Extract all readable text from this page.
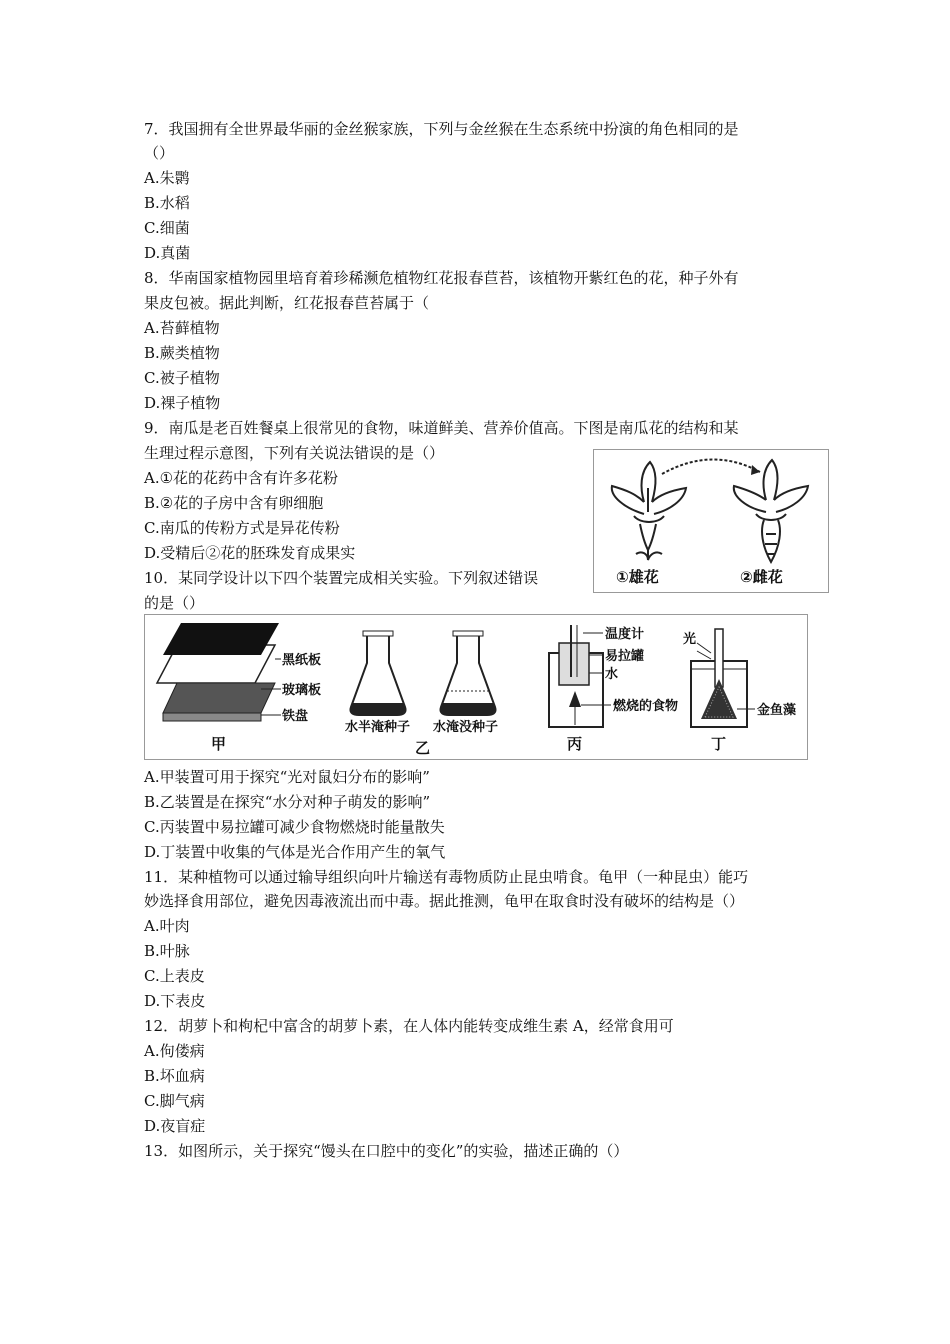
7．我国拥有全世界最华丽的金丝猴家族，下列与金丝猴在生态系统中扮演的角色相同的是
（）
A.朱鹮
B.水稻
C.细菌
D.真菌
8．华南国家植物园里培育着珍稀濒危植物红花报春苣苔，该植物开紫红色的花，种子外有
果皮包被。据此判断，红花报春苣苔属于（
A.苔藓植物
B.蕨类植物
C.被子植物
D.裸子植物
9．南瓜是老百姓餐桌上很常见的食物，味道鲜美、营养价值高。下图是南瓜花的结构和某
生理过程示意图，下列有关说法错误的是（）
A.①花的花药中含有许多花粉
B.②花的子房中含有卵细胞
C.南瓜的传粉方式是异花传粉
D.受精后②花的胚珠发育成果实
①雄花	②雌花
10．某同学设计以下四个装置完成相关实验。下列叙述错误
的是（）
黑纸板
玻璃板
铁盘
甲
水半淹种子 水淹没种子
乙
温度计
易拉罐
水
燃烧的食物
丙
光
金鱼藻
丁
A.甲装置可用于探究“光对鼠妇分布的影响”
B.乙装置是在探究“水分对种子萌发的影响”
C.丙装置中易拉罐可减少食物燃烧时能量散失
D.丁装置中收集的气体是光合作用产生的氧气
11．某种植物可以通过输导组织向叶片输送有毒物质防止昆虫啃食。龟甲（一种昆虫）能巧
妙选择食用部位，避免因毒液流出而中毒。据此推测，龟甲在取食时没有破坏的结构是（）
A.叶肉
B.叶脉
C.上表皮
D.下表皮
12．胡萝卜和枸杞中富含的胡萝卜素，在人体内能转变成维生素 A，经常食用可
A.佝偻病
B.坏血病
C.脚气病
D.夜盲症
13．如图所示，关于探究“馒头在口腔中的变化”的实验，描述正确的（）
